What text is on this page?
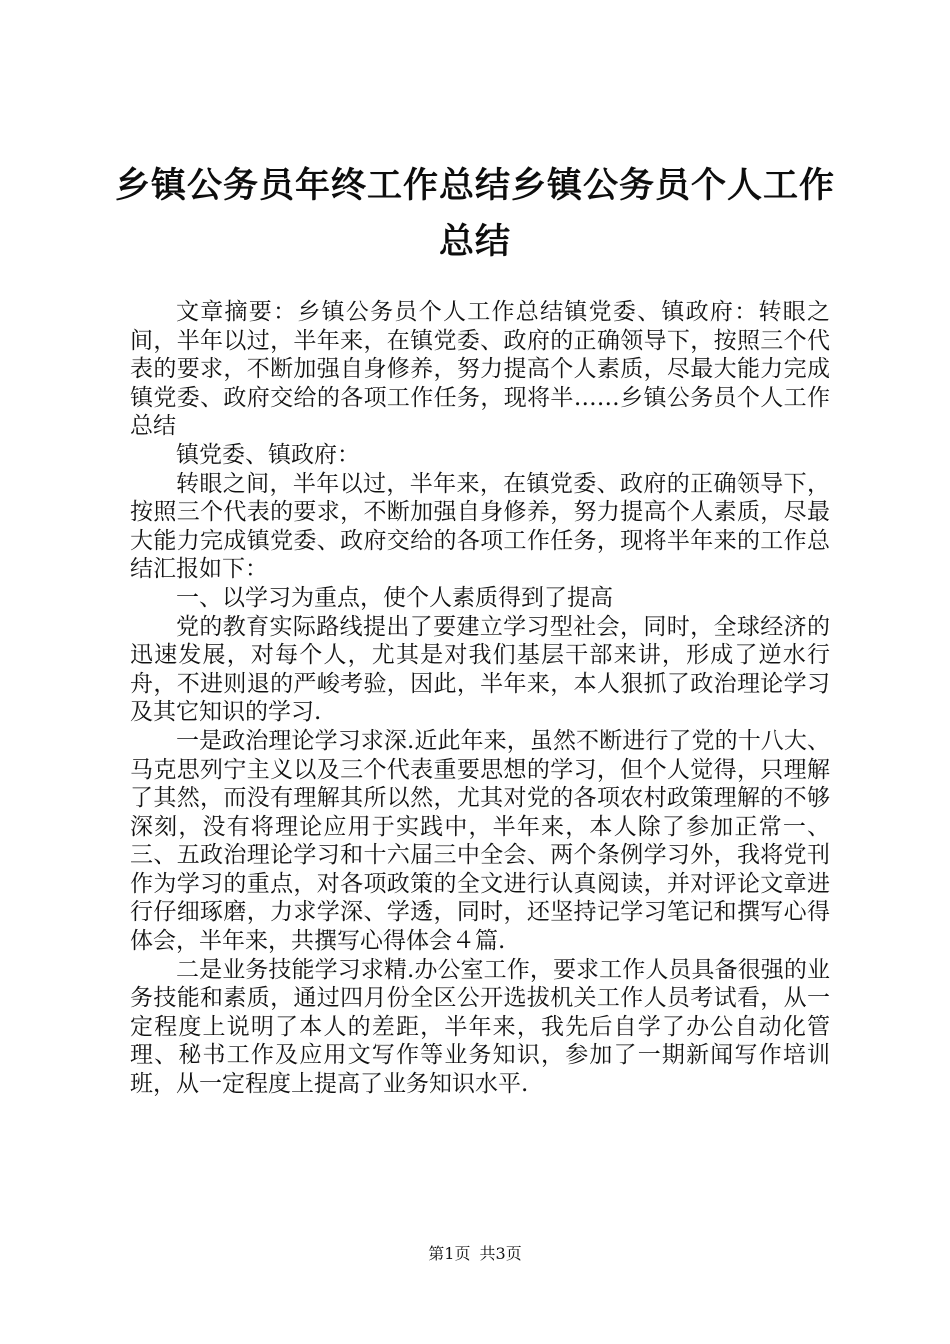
乡镇公务员年终工作总结乡镇公务员个人工作
总结

文章摘要：乡镇公务员个人工作总结镇党委、镇政府：转眼之间，半年以过，半年来，在镇党委、政府的正确领导下，按照三个代表的要求，不断加强自身修养，努力提高个人素质，尽最大能力完成镇党委、政府交给的各项工作任务，现将半……乡镇公务员个人工作总结

镇党委、镇政府：

转眼之间，半年以过，半年来，在镇党委、政府的正确领导下，按照三个代表的要求，不断加强自身修养，努力提高个人素质，尽最大能力完成镇党委、政府交给的各项工作任务，现将半年来的工作总结汇报如下：

一、以学习为重点，使个人素质得到了提高

党的教育实际路线提出了要建立学习型社会，同时，全球经济的迅速发展，对每个人，尤其是对我们基层干部来讲，形成了逆水行舟，不进则退的严峻考验，因此，半年来，本人狠抓了政治理论学习及其它知识的学习.

一是政治理论学习求深.近此年来，虽然不断进行了党的十八大、马克思列宁主义以及三个代表重要思想的学习，但个人觉得，只理解了其然，而没有理解其所以然，尤其对党的各项农村政策理解的不够深刻，没有将理论应用于实践中，半年来，本人除了参加正常一、三、五政治理论学习和十六届三中全会、两个条例学习外，我将党刊作为学习的重点，对各项政策的全文进行认真阅读，并对评论文章进行仔细琢磨，力求学深、学透，同时，还坚持记学习笔记和撰写心得体会，半年来，共撰写心得体会４篇.

二是业务技能学习求精.办公室工作，要求工作人员具备很强的业务技能和素质，通过四月份全区公开选拔机关工作人员考试看，从一定程度上说明了本人的差距，半年来，我先后自学了办公自动化管理、秘书工作及应用文写作等业务知识，参加了一期新闻写作培训班，从一定程度上提高了业务知识水平.

第1页 共3页
